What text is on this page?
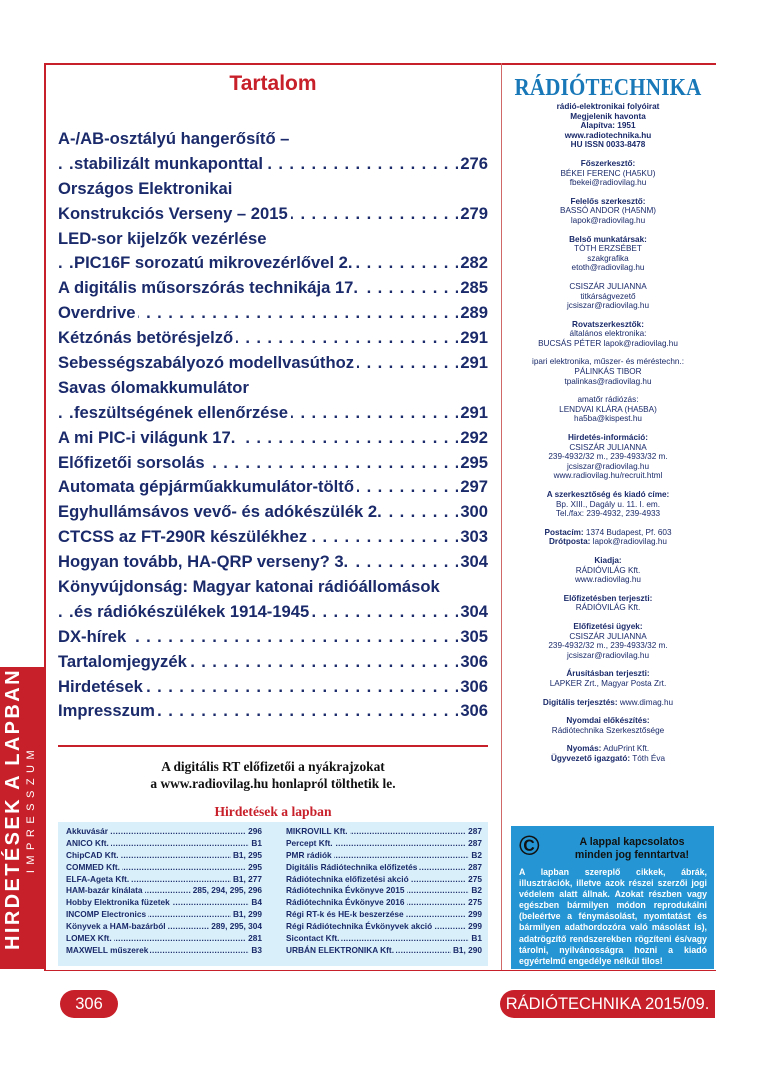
HIRDETÉSEK A LAPBAN IMPRESSZUM
Tartalom
A-/AB-osztályú hangerősítő –
stabilizált munkaponttal	276
. . .
Országos Elektronikai
Konstrukciós Verseny – 2015	279
. . .
LED-sor kijelzők vezérlése
PIC16F sorozatú mikrovezérlővel 2.	282
. . .
A digitális műsorszórás technikája 17.	285
. . .
Overdrive	289
. . .
Kétzónás betörésjelző	291
. . .
Sebességszabályozó modellvasúthoz	291
. . .
Savas ólomakkumulátor
feszültségének ellenőrzése	291
. . .
A mi PIC-i világunk 17.	292
. . .
Előfizetői sorsolás	295
. . .
Automata gépjárműakkumulátor-töltő	297
. . .
Egyhullámsávos vevő- és adókészülék 2.	300
. . .
CTCSS az FT-290R készülékhez	303
. . .
Hogyan tovább, HA-QRP verseny? 3.	304
. . .
Könyvújdonság: Magyar katonai rádióállomások
és rádiókészülékek 1914-1945	304
. . .
DX-hírek	305
. . .
Tartalomjegyzék	306
. . .
Hirdetések	306
. . .
Impresszum	306
. . .
A digitális RT előfizetői a nyákrajzokat
a www.radiovilag.hu honlapról tölthetik le.
Hirdetések a lapban
Akkuvásár	296
.....
ANICO Kft.	B1
.....
ChipCAD Kft.	B1, 295
.....
COMMED Kft.	295
.....
ELFA-Ageta Kft.	B1, 277
.....
HAM-bazár kínálata	285, 294, 295, 296
.....
Hobby Elektronika füzetek	B4
.....
INCOMP Electronics	B1, 299
.....
Könyvek a HAM-bazárból	289, 295, 304
.....
LOMEX Kft.	281
.....
MAXWELL műszerek	B3
.....
MIKROVILL Kft.	287
.....
Percept Kft.	287
.....
PMR rádiók	B2
.....
Digitális Rádiótechnika előfizetés	287
.....
Rádiótechnika előfizetési akció	275
.....
Rádiótechnika Évkönyve 2015	B2
.....
Rádiótechnika Évkönyve 2016	275
.....
Régi RT-k és HE-k beszerzése	299
.....
Régi Rádiótechnika Évkönyvek akció	299
.....
Sicontact Kft.	B1
.....
URBÁN ELEKTRONIKA Kft.	B1, 290
.....
RÁDIÓTECHNIKA
rádió-elektronikai folyóirat
Megjelenik havonta
Alapítva: 1951
www.radiotechnika.hu
HU ISSN 0033-8478
Főszerkesztő:
BÉKEI FERENC (HA5KU)
fbekei@radiovilag.hu
Felelős szerkesztő:
BASSÓ ANDOR (HA5NM)
lapok@radiovilag.hu
Belső munkatársak:
TÓTH ERZSÉBET
szakgrafika
etoth@radiovilag.hu
CSISZÁR JULIANNA
titkárságvezető
jcsiszar@radiovilag.hu
Rovatszerkesztők:
általános elektronika:
BUCSÁS PÉTER lapok@radiovilag.hu
ipari elektronika, műszer- és méréstechn.:
PÁLINKÁS TIBOR
tpalinkas@radiovilag.hu
amatőr rádiózás:
LENDVAI KLÁRA (HA5BA)
ha5ba@kispest.hu
Hirdetés-információ:
CSISZÁR JULIANNA
239-4932/32 m., 239-4933/32 m.
jcsiszar@radiovilag.hu
www.radiovilag.hu/recruit.html
A szerkesztőség és kiadó címe:
Bp. XIII., Dagály u. 11. I. em.
Tel./fax: 239-4932, 239-4933
Postacím: 1374 Budapest, Pf. 603
Drótposta: lapok@radiovilag.hu
Kiadja:
RÁDIÓVILÁG Kft.
www.radiovilag.hu
Előfizetésben terjeszti:
RÁDIÓVILÁG Kft.
Előfizetési ügyek:
CSISZÁR JULIANNA
239-4932/32 m., 239-4933/32 m.
jcsiszar@radiovilag.hu
Árusításban terjeszti:
LAPKER Zrt., Magyar Posta Zrt.
Digitális terjesztés: www.dimag.hu
Nyomdai előkészítés:
Rádiótechnika Szerkesztősége
Nyomás: AduPrint Kft.
Ügyvezető igazgató: Tóth Éva
©	A lappal kapcsolatos
minden jog fenntartva!
A lapban szereplő cikkek, ábrák, illusztrációk, illetve azok részei szerzői jogi védelem alatt állnak. Azokat részben vagy egészben bármilyen módon reprodukálni (beleértve a fénymásolást, nyomtatást és bármilyen adathordozóra való másolást is), adatrögzítő rendszerekben rögzíteni és/vagy tárolni, nyilvánosságra hozni a kiadó egyértelmű engedélye nélkül tilos!
306	RÁDIÓTECHNIKA 2015/09.
